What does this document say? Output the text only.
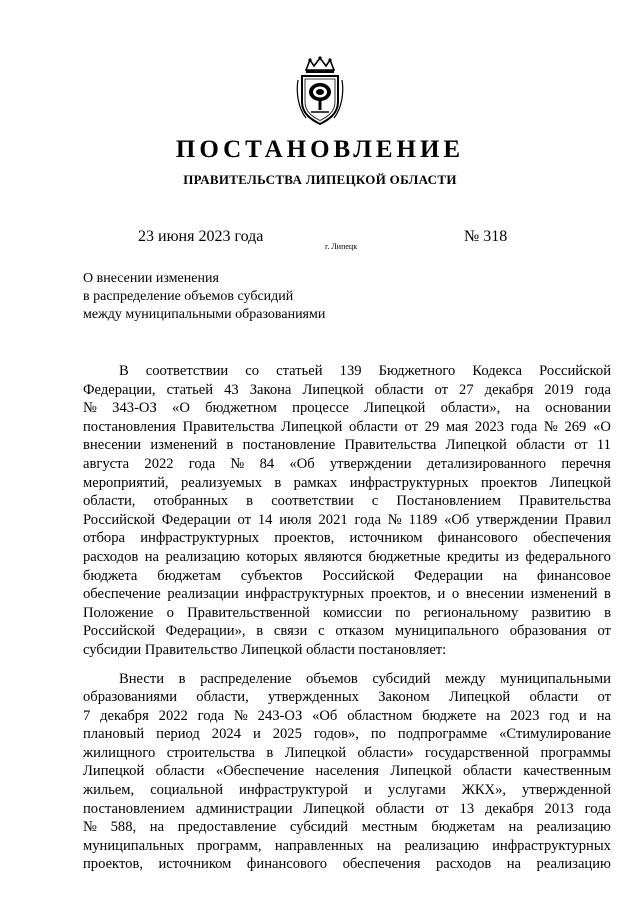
ПОСТАНОВЛЕНИЕ
ПРАВИТЕЛЬСТВА ЛИПЕЦКОЙ ОБЛАСТИ
23 июня 2023 года
г. Липецк
№ 318
О внесении изменения
в распределение объемов субсидий
между муниципальными образованиями
В соответствии со статьей 139 Бюджетного Кодекса Российской
Федерации, статьей 43 Закона Липецкой области от 27 декабря 2019 года
№ 343-ОЗ «О бюджетном процессе Липецкой области», на основании
постановления Правительства Липецкой области от 29 мая 2023 года № 269 «О
внесении изменений в постановление Правительства Липецкой области от 11
августа 2022 года № 84 «Об утверждении детализированного перечня
мероприятий, реализуемых в рамках инфраструктурных проектов Липецкой
области, отобранных в соответствии с Постановлением Правительства
Российской Федерации от 14 июля 2021 года № 1189 «Об утверждении Правил
отбора инфраструктурных проектов, источником финансового обеспечения
расходов на реализацию которых являются бюджетные кредиты из федерального
бюджета бюджетам субъектов Российской Федерации на финансовое
обеспечение реализации инфраструктурных проектов, и о внесении изменений в
Положение о Правительственной комиссии по региональному развитию в
Российской Федерации», в связи с отказом муниципального образования от
субсидии Правительство Липецкой области постановляет:
Внести в распределение объемов субсидий между муниципальными
образованиями области, утвержденных Законом Липецкой области от
7 декабря 2022 года № 243-ОЗ «Об областном бюджете на 2023 год и на
плановый период 2024 и 2025 годов», по подпрограмме «Стимулирование
жилищного строительства в Липецкой области» государственной программы
Липецкой области «Обеспечение населения Липецкой области качественным
жильем, социальной инфраструктурой и услугами ЖКХ», утвержденной
постановлением администрации Липецкой области от 13 декабря 2013 года
№ 588, на предоставление субсидий местным бюджетам на реализацию
муниципальных программ, направленных на реализацию инфраструктурных
проектов, источником финансового обеспечения расходов на реализацию
